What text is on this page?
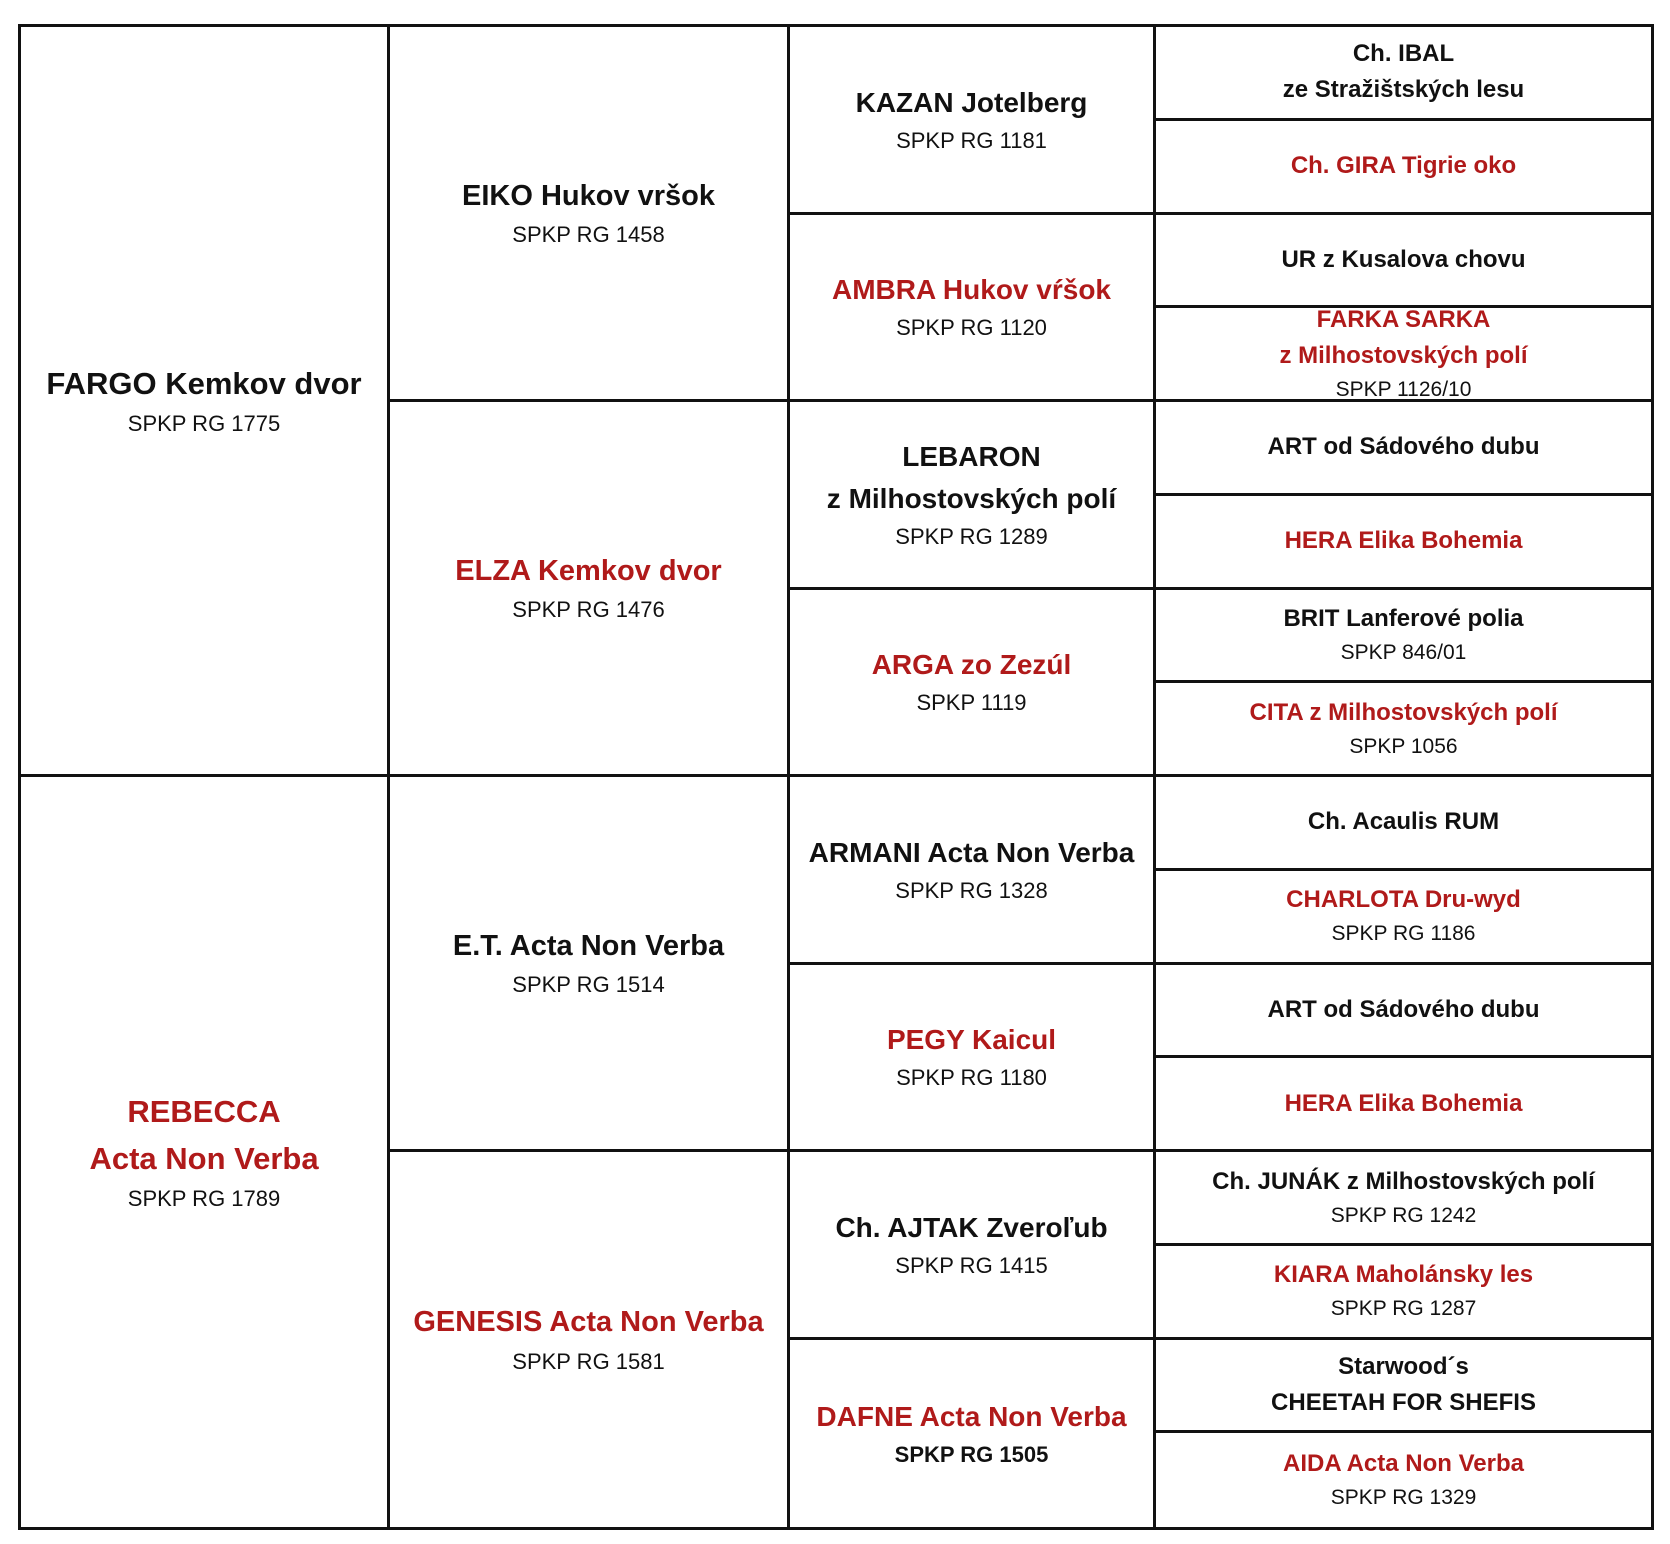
FARGO Kemkov dvor
SPKP RG 1775
REBECCA
Acta Non Verba
SPKP RG 1789
EIKO Hukov vršok
SPKP RG 1458
ELZA Kemkov dvor
SPKP RG 1476
E.T. Acta Non Verba
SPKP RG 1514
GENESIS Acta Non Verba
SPKP RG 1581
KAZAN Jotelberg
SPKP RG 1181
AMBRA Hukov vŕšok
SPKP RG 1120
LEBARON
z Milhostovských polí
SPKP RG 1289
ARGA zo Zezúl
SPKP 1119
ARMANI Acta Non Verba
SPKP RG 1328
PEGY Kaicul
SPKP RG 1180
Ch. AJTAK Zveroľub
SPKP RG 1415
DAFNE Acta Non Verba
SPKP RG 1505
Ch. IBAL
ze Stražištských lesu
Ch. GIRA Tigrie oko
UR z Kusalova chovu
FARKA SARKA
z Milhostovských polí
SPKP 1126/10
ART od Sádového dubu
HERA Elika Bohemia
BRIT Lanferové polia
SPKP 846/01
CITA z Milhostovských polí
SPKP 1056
Ch. Acaulis RUM
CHARLOTA Dru-wyd
SPKP RG 1186
ART od Sádového dubu
HERA Elika Bohemia
Ch. JUNÁK z Milhostovských polí
SPKP RG 1242
KIARA Maholánsky les
SPKP RG 1287
Starwood´s
CHEETAH FOR SHEFIS
AIDA Acta Non Verba
SPKP RG 1329
